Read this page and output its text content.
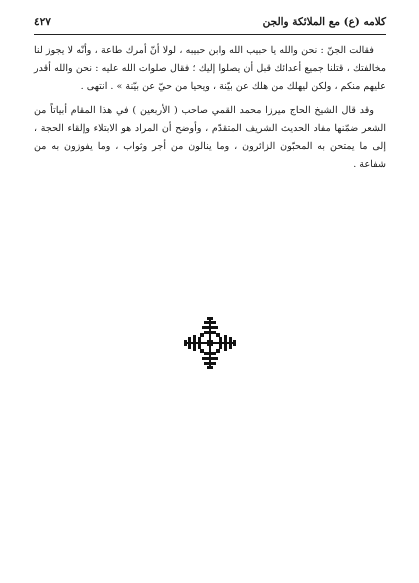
كلامه (ع) مع الملائكة والجن
٤٢٧

فقالت الجنّ : نحن والله يا حبيب الله وابن حبيبه ، لولا أنّ أمرك طاعة ، وأنّه لا يجوز لنا مخالفتك ، قتلنا جميع أعدائك قبل أن يصلوا إليك ؛ فقال صلوات الله عليه : نحن والله أقدر عليهم منكم ، ولكن ليهلك من هلك عن بيّنة ، ويحيا من حيّ عن بيّنة » . انتهى .

وقد قال الشيخ الحاج ميرزا محمد القمي صاحب ( الأربعين ) في هذا المقام أبياتاً من الشعر ضمّنها مفاد الحديث الشريف المتقدّم ، وأوضح أن المراد هو الابتلاء وإلقاء الحجة ، إلى ما يمتحن به المحبّون الزائرون ، وما ينالون من أجر وثواب ، وما يفوزون به من شفاعة .
